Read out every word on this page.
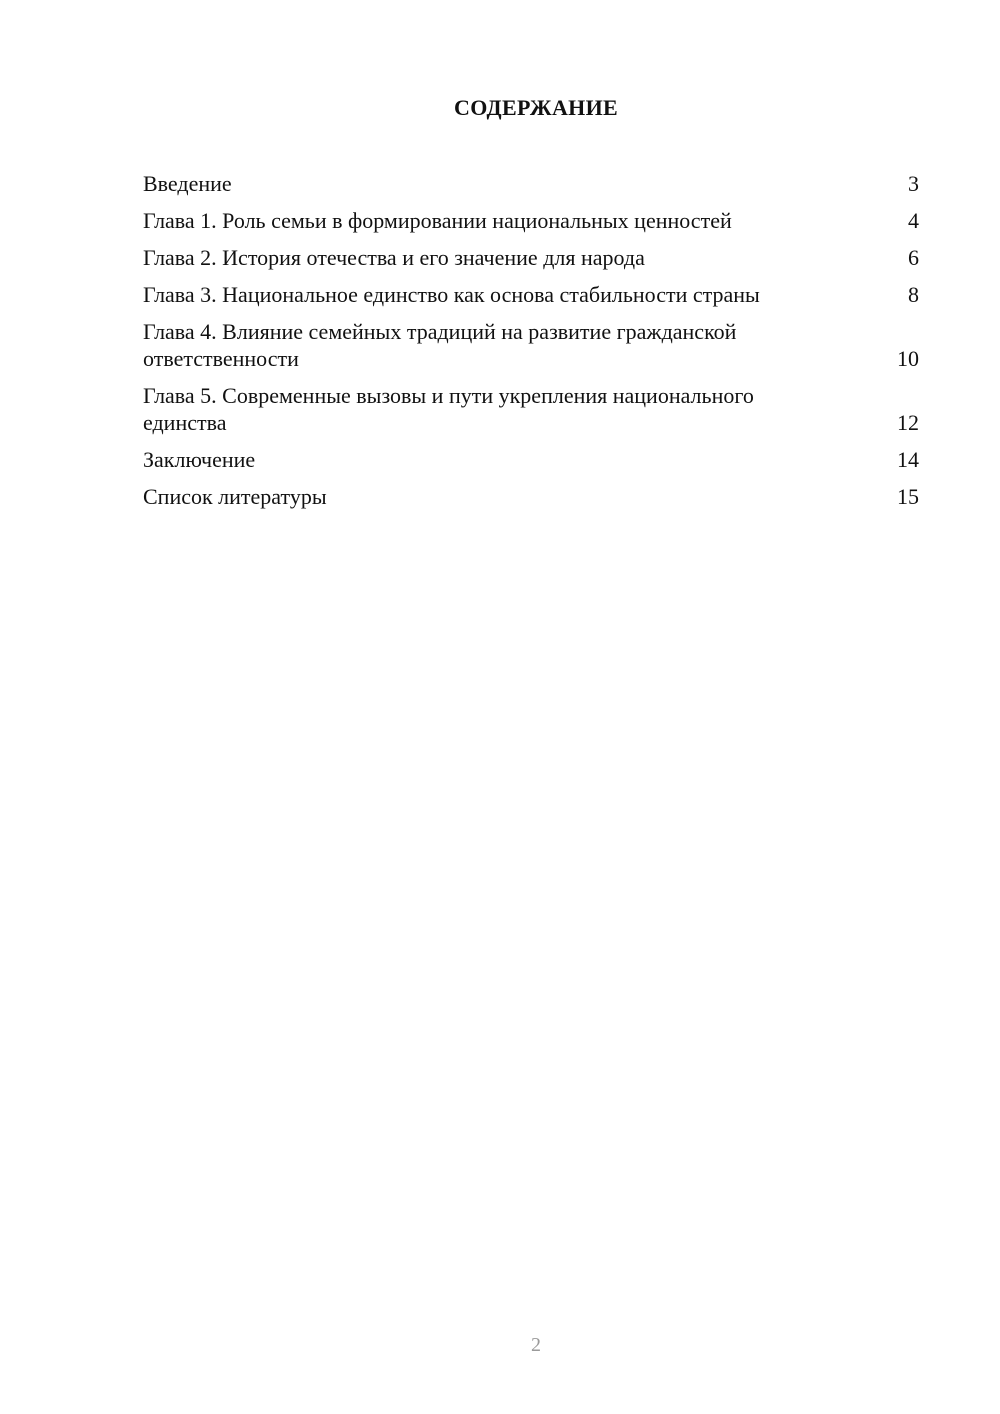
СОДЕРЖАНИЕ
Введение	3
Глава 1. Роль семьи в формировании национальных ценностей	4
Глава 2. История отечества и его значение для народа	6
Глава 3. Национальное единство как основа стабильности страны	8
Глава 4. Влияние семейных традиций на развитие гражданской ответственности	10
Глава 5. Современные вызовы и пути укрепления национального единства	12
Заключение	14
Список литературы	15
2
